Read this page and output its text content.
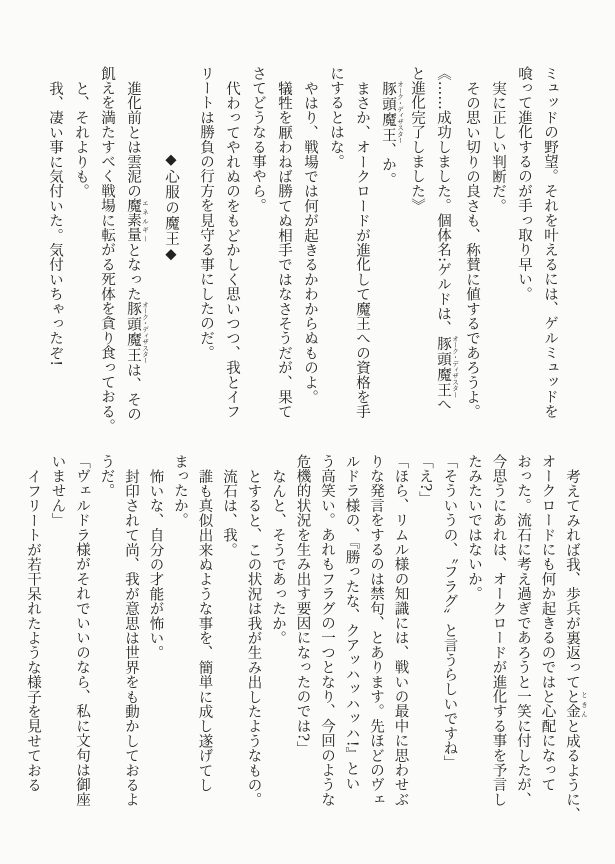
ミュッドの野望。それを叶えるには、ゲルミュッドを

喰って進化するのが手っ取り早い。

実に正しい判断だ。

その思い切りの良さも、称賛に値するであろうよ。

《……成功しました。個体名:ゲルドは、豚頭魔王 オーク・ディザスターへ

と進化完了しました》

豚頭魔王 オーク・ディザスター、か。

まさか、オークロードが進化して魔王への資格を手

にするとはな。

やはり、戦場では何が起きるかわからぬものよ。

犠牲を厭わねば勝てぬ相手ではなさそうだが、果て

さてどうなる事やら。

代わってやれぬのをもどかしく思いつつ、我とイフ

リートは勝負の行方を見守る事にしたのだ。

◆心服の魔王◆

進化前とは雲泥の魔素量 エネルギーとなった豚頭魔王 オーク・ディザスターは、その

飢えを満たすべく戦場に転がる死体を貪り食っておる。

と、それよりも。

我、凄い事に気付いた。気付いちゃったぞ!

考えてみれば我、歩兵が裏返ってと金 ときんと成るように、

オークロードにも何か起きるのではと心配になって

おった。流石に考え過ぎであろうと一笑に付したが、

今思うにあれは、オークロードが進化する事を予言し

たみたいではないか。

「そういうの、〝フラグ〟と言うらしいですね」

「え?」

「ほら、リムル様の知識には、戦いの最中に思わせぶ

りな発言をするのは禁句、とあります。先ほどのヴェ

ルドラ様の、『勝ったな、クアッハッハッハ!』とい

う高笑い。あれもフラグの一つとなり、今回のような

危機的状況を生み出す要因になったのでは?」

なんと、そうであったか。

とすると、この状況は我が生み出したようなもの。

流石は、我。

誰も真似出来ぬような事を、簡単に成し遂げてし

まったか。

怖いな、自分の才能が怖い。

封印されて尚、我が意思は世界をも動かしておるよ

うだ。

「ヴェルドラ様がそれでいいのなら、私に文句は御座

いません」

イフリートが若干呆れたような様子を見せておる
